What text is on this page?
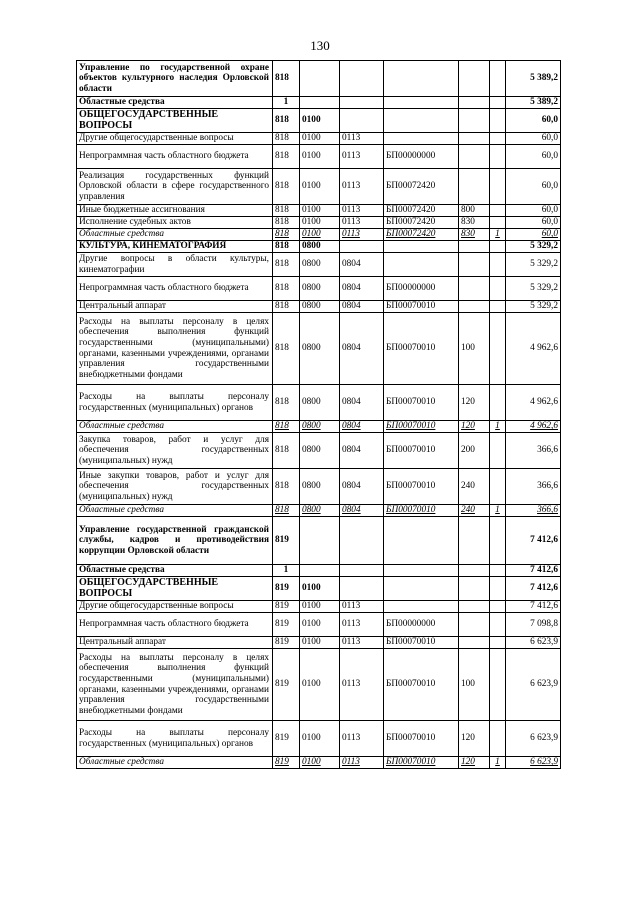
130
Управление по государственной охране объектов культурного наследия Орловской области	818						5 389,2
Областные средства	1						5 389,2
ОБЩЕГОСУДАРСТВЕННЫЕ ВОПРОСЫ	818	0100					60,0
Другие общегосударственные вопросы	818	0100	0113				60,0
Непрограммная часть областного бюджета	818	0100	0113	БП00000000			60,0
Реализация государственных функций Орловской области в сфере государственного управления	818	0100	0113	БП00072420			60,0
Иные бюджетные ассигнования	818	0100	0113	БП00072420	800		60,0
Исполнение судебных актов	818	0100	0113	БП00072420	830		60,0
Областные средства	818	0100	0113	БП00072420	830	1	60,0
КУЛЬТУРА, КИНЕМАТОГРАФИЯ	818	0800					5 329,2
Другие вопросы в области культуры, кинематографии	818	0800	0804				5 329,2
Непрограммная часть областного бюджета	818	0800	0804	БП00000000			5 329,2
Центральный аппарат	818	0800	0804	БП00070010			5 329,2
Расходы на выплаты персоналу в целях обеспечения выполнения функций государственными (муниципальными) органами, казенными учреждениями, органами управления государственными внебюджетными фондами	818	0800	0804	БП00070010	100		4 962,6
Расходы на выплаты персоналу государственных (муниципальных) органов	818	0800	0804	БП00070010	120		4 962,6
Областные средства	818	0800	0804	БП00070010	120	1	4 962,6
Закупка товаров, работ и услуг для обеспечения государственных (муниципальных) нужд	818	0800	0804	БП00070010	200		366,6
Иные закупки товаров, работ и услуг для обеспечения государственных (муниципальных) нужд	818	0800	0804	БП00070010	240		366,6
Областные средства	818	0800	0804	БП00070010	240	1	366,6
Управление государственной гражданской службы, кадров и противодействия коррупции Орловской области	819						7 412,6
Областные средства	1						7 412,6
ОБЩЕГОСУДАРСТВЕННЫЕ ВОПРОСЫ	819	0100					7 412,6
Другие общегосударственные вопросы	819	0100	0113				7 412,6
Непрограммная часть областного бюджета	819	0100	0113	БП00000000			7 098,8
Центральный аппарат	819	0100	0113	БП00070010			6 623,9
Расходы на выплаты персоналу в целях обеспечения выполнения функций государственными (муниципальными) органами, казенными учреждениями, органами управления государственными внебюджетными фондами	819	0100	0113	БП00070010	100		6 623,9
Расходы на выплаты персоналу государственных (муниципальных) органов	819	0100	0113	БП00070010	120		6 623,9
Областные средства	819	0100	0113	БП00070010	120	1	6 623,9
